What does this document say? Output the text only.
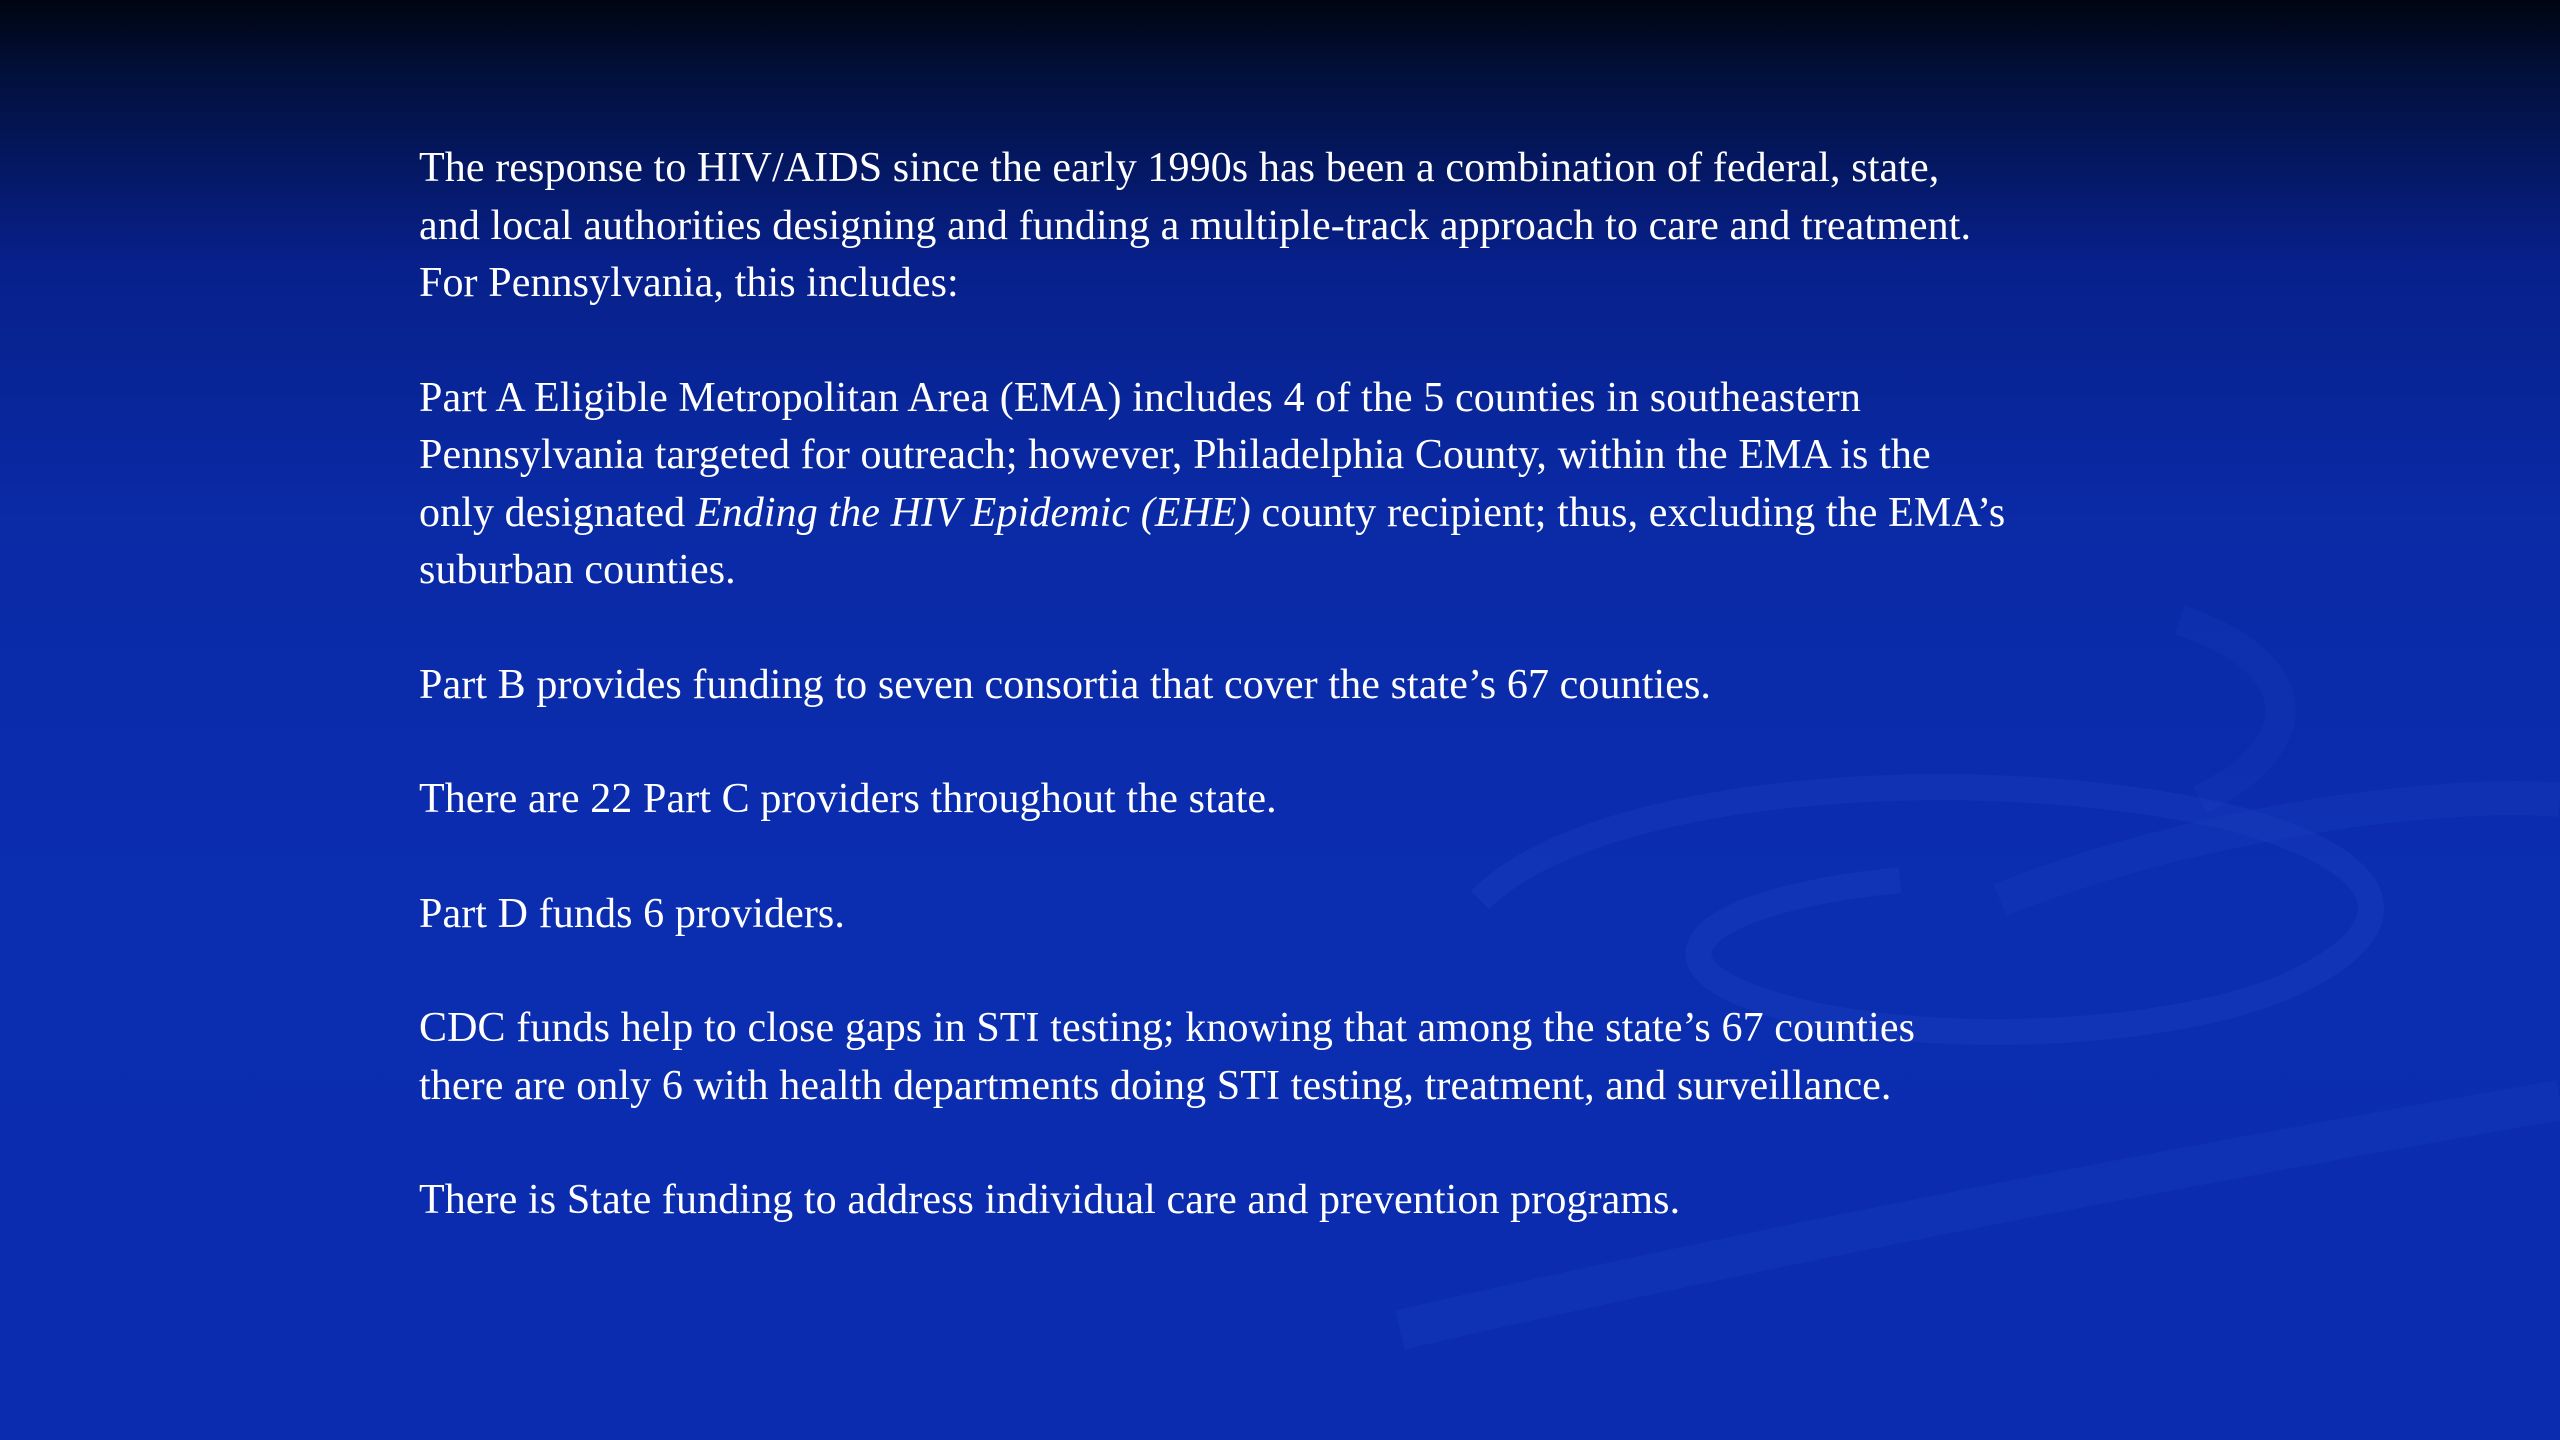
The response to HIV/AIDS since the early 1990s has been a combination of federal, state,
and local authorities designing and funding a multiple-track approach to care and treatment.
For Pennsylvania, this includes:

Part A Eligible Metropolitan Area (EMA) includes 4 of the 5 counties in southeastern
Pennsylvania targeted for outreach; however, Philadelphia County, within the EMA is the
only designated Ending the HIV Epidemic (EHE) county recipient; thus, excluding the EMA’s
suburban counties.

Part B provides funding to seven consortia that cover the state’s 67 counties.

There are 22 Part C providers throughout the state.

Part D funds 6 providers.

CDC funds help to close gaps in STI testing; knowing that among the state’s 67 counties
there are only 6 with health departments doing STI testing, treatment, and surveillance.

There is State funding to address individual care and prevention programs.
